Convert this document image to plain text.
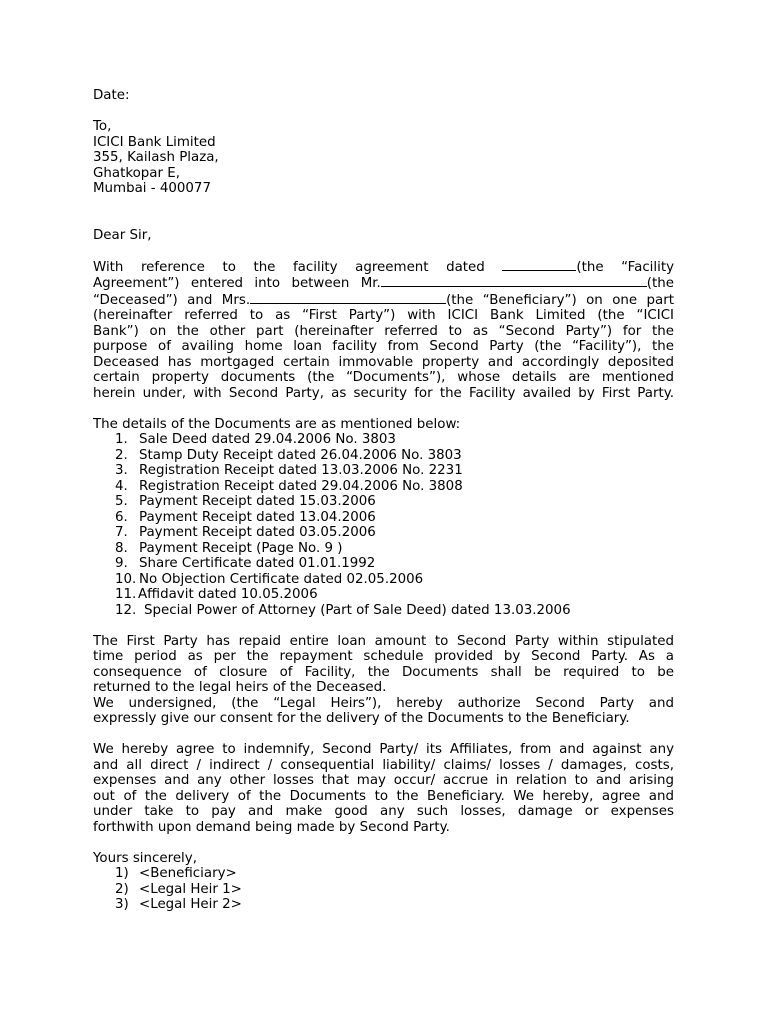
Date:
To,
ICICI Bank Limited
355, Kailash Plaza,
Ghatkopar E,
Mumbai - 400077
Dear Sir,
With reference to the facility agreement dated	(the “Facility
Agreement”) entered into between Mr.	(the
“Deceased”) and Mrs.	(the “Beneficiary”) on one part
(hereinafter referred to as “First Party”) with ICICI Bank Limited (the “ICICI
Bank”) on the other part (hereinafter referred to as “Second Party”) for the
purpose of availing home loan facility from Second Party (the “Facility”), the
Deceased has mortgaged certain immovable property and accordingly deposited
certain property documents (the “Documents”), whose details are mentioned
herein under, with Second Party, as security for the Facility availed by First Party.
The details of the Documents are as mentioned below:
1. Sale Deed dated 29.04.2006 No. 3803
2. Stamp Duty Receipt dated 26.04.2006 No. 3803
3. Registration Receipt dated 13.03.2006 No. 2231
4. Registration Receipt dated 29.04.2006 No. 3808
5. Payment Receipt dated 15.03.2006
6. Payment Receipt dated 13.04.2006
7. Payment Receipt dated 03.05.2006
8. Payment Receipt (Page No. 9 )
9. Share Certificate dated 01.01.1992
10. No Objection Certificate dated 02.05.2006
11. Affidavit dated 10.05.2006
12. Special Power of Attorney (Part of Sale Deed) dated 13.03.2006
The First Party has repaid entire loan amount to Second Party within stipulated
time period as per the repayment schedule provided by Second Party. As a
consequence of closure of Facility, the Documents shall be required to be
returned to the legal heirs of the Deceased.
We undersigned, (the “Legal Heirs”), hereby authorize Second Party and
expressly give our consent for the delivery of the Documents to the Beneficiary.
We hereby agree to indemnify, Second Party/ its Affiliates, from and against any
and all direct / indirect / consequential liability/ claims/ losses / damages, costs,
expenses and any other losses that may occur/ accrue in relation to and arising
out of the delivery of the Documents to the Beneficiary. We hereby, agree and
under take to pay and make good any such losses, damage or expenses
forthwith upon demand being made by Second Party.
Yours sincerely,
1) <Beneficiary>
2) <Legal Heir 1>
3) <Legal Heir 2>
